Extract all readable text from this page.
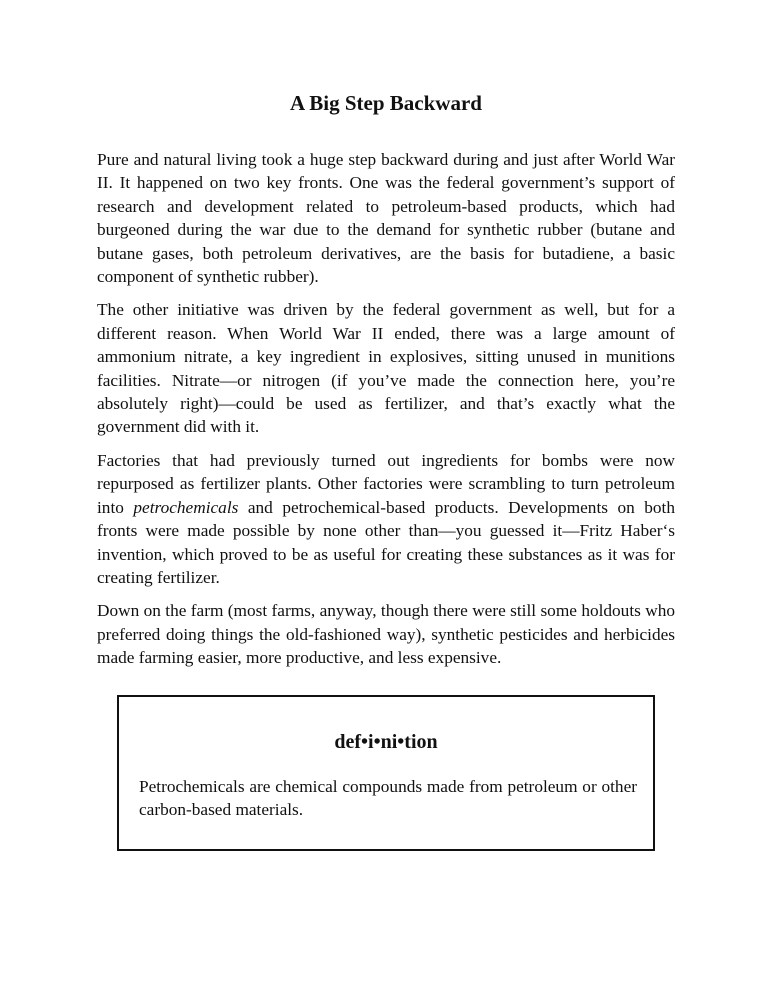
A Big Step Backward

Pure and natural living took a huge step backward during and just after World War II. It happened on two key fronts. One was the federal government’s support of research and development related to petroleum-based products, which had burgeoned during the war due to the demand for synthetic rubber (butane and butane gases, both petroleum derivatives, are the basis for butadiene, a basic component of synthetic rubber).

The other initiative was driven by the federal government as well, but for a different reason. When World War II ended, there was a large amount of ammonium nitrate, a key ingredient in explosives, sitting unused in munitions facilities. Nitrate—or nitrogen (if you’ve made the connection here, you’re absolutely right)—could be used as fertilizer, and that’s exactly what the government did with it.

Factories that had previously turned out ingredients for bombs were now repurposed as fertilizer plants. Other factories were scrambling to turn petroleum into petrochemicals and petrochemical-based products. Developments on both fronts were made possible by none other than—you guessed it—Fritz Haber‘s invention, which proved to be as useful for creating these substances as it was for creating fertilizer.

Down on the farm (most farms, anyway, though there were still some holdouts who preferred doing things the old-fashioned way), synthetic pesticides and herbicides made farming easier, more productive, and less expensive.

def•i•ni•tion
Petrochemicals are chemical compounds made from petroleum or other carbon-based materials.
